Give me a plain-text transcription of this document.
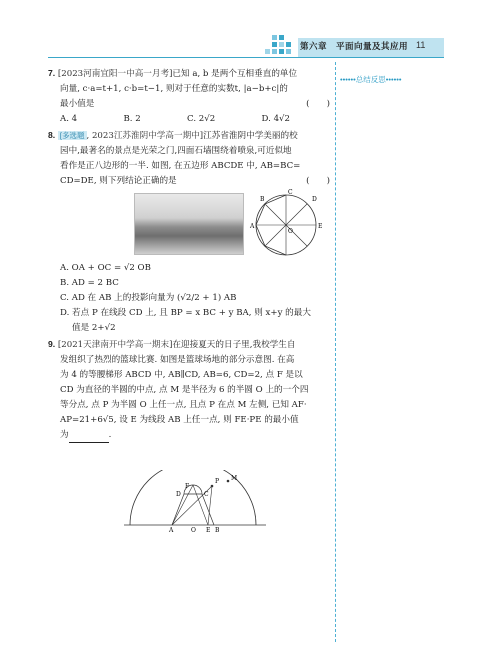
第六章　平面向量及其应用 11
••••••总结反思••••••
7. [2023河南宜阳一中高一月考]已知 a, b 是两个互相垂直的单位
向量, c·a=t+1, c·b=t−1, 则对于任意的实数t, |a−b+c|的
最小值是	(　　)
A. 4	B. 2	C. 2√2	D. 4√2
8. [多选题 , 2023江苏淮阴中学高一期中]江苏省淮阴中学美丽的校
园中,最著名的景点是光荣之门,四面石墙围绕着喷泉,可近似地
看作是正八边形的一半. 如图, 在五边形 ABCDE 中, AB=BC=
CD=DE, 则下列结论正确的是	(　　)
B
A
O
C
D
E
A. OA + OC = √2 OB
B. AD = 2 BC
C. AD 在 AB 上的投影向量为 (√2/2 + 1) AB
D. 若点 P 在线段 CD 上, 且 BP = x BC + y BA, 则 x+y 的最大
值是 2+√2
9. [2021天津南开中学高一期末]在迎接夏天的日子里,我校学生自
发组织了热烈的篮球比赛. 如图是篮球场地的部分示意图. 在高
为 4 的等腰梯形 ABCD 中, AB∥CD, AB=6, CD=2, 点 F 是以
CD 为直径的半圆的中点, 点 M 是半径为 6 的半圆 O 上的一个四
等分点, 点 P 为半圆 O 上任一点, 且点 P 在点 M 左侧, 已知 AF·
AP=21+6√5, 设 E 为线段 AB 上任一点, 则 FE·PE 的最小值
为	.
D
F
C
P M
A	O E B
